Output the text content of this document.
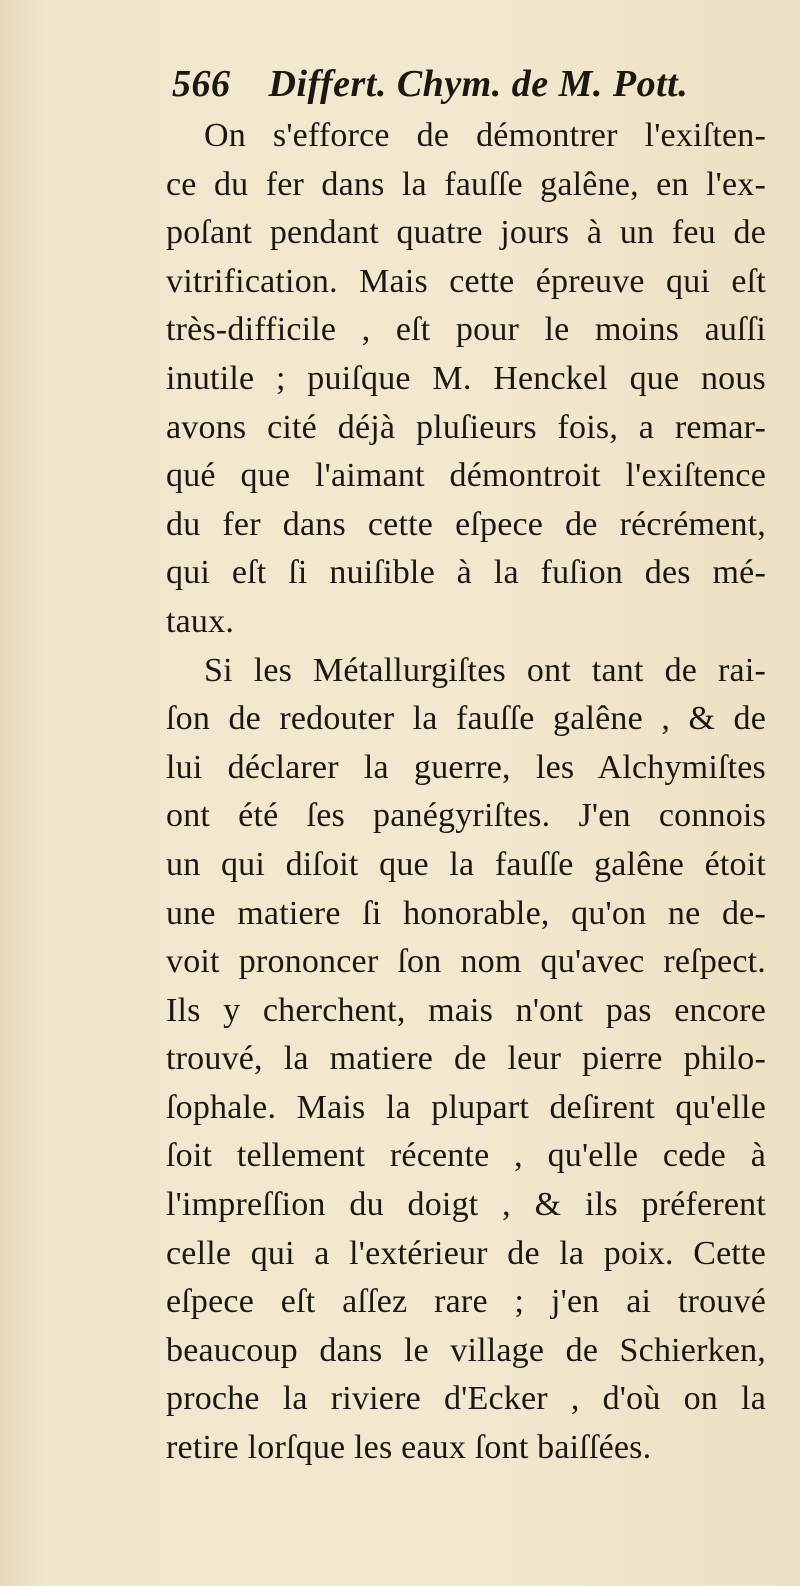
566 Differt. Chym. de M. Pott.
On s'efforce de démontrer l'exiſten-
ce du fer dans la fauſſe galêne, en l'ex-
poſant pendant quatre jours à un feu de
vitrification. Mais cette épreuve qui eſt
très-difficile , eſt pour le moins auſſi
inutile ; puiſque M. Henckel que nous
avons cité déjà pluſieurs fois, a remar-
qué que l'aimant démontroit l'exiſtence
du fer dans cette eſpece de récrément,
qui eſt ſi nuiſible à la fuſion des mé-
taux.
Si les Métallurgiſtes ont tant de rai-
ſon de redouter la fauſſe galêne , & de
lui déclarer la guerre, les Alchymiſtes
ont été ſes panégyriſtes. J'en connois
un qui diſoit que la fauſſe galêne étoit
une matiere ſi honorable, qu'on ne de-
voit prononcer ſon nom qu'avec reſpect.
Ils y cherchent, mais n'ont pas encore
trouvé, la matiere de leur pierre philo-
ſophale. Mais la plupart deſirent qu'elle
ſoit tellement récente , qu'elle cede à
l'impreſſion du doigt , & ils préferent
celle qui a l'extérieur de la poix. Cette
eſpece eſt aſſez rare ; j'en ai trouvé
beaucoup dans le village de Schierken,
proche la riviere d'Ecker , d'où on la
retire lorſque les eaux ſont baiſſées.
